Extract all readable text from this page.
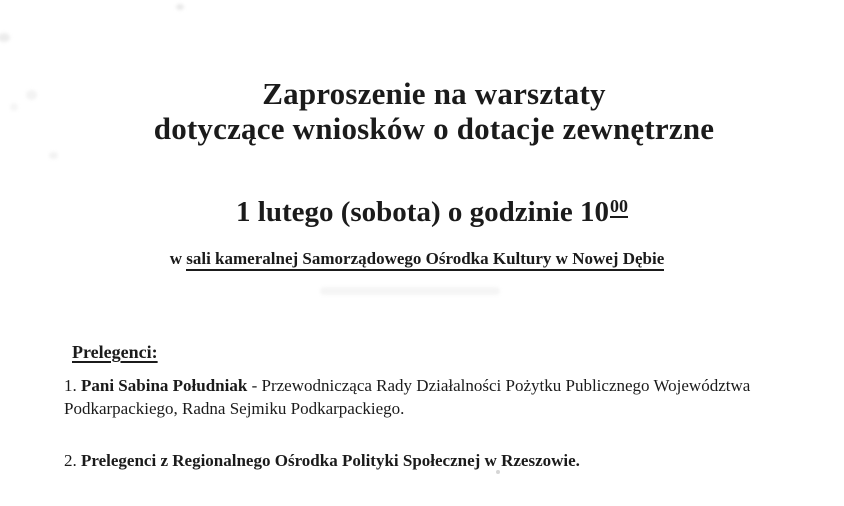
Zaproszenie na warsztaty
dotyczące wniosków o dotacje zewnętrzne
1 lutego (sobota) o godzinie 1000
w sali kameralnej Samorządowego Ośrodka Kultury w Nowej Dębie
Prelegenci:
1. Pani Sabina Południak - Przewodnicząca Rady Działalności Pożytku Publicznego Województwa Podkarpackiego, Radna Sejmiku Podkarpackiego.
2. Prelegenci z Regionalnego Ośrodka Polityki Społecznej w Rzeszowie.
